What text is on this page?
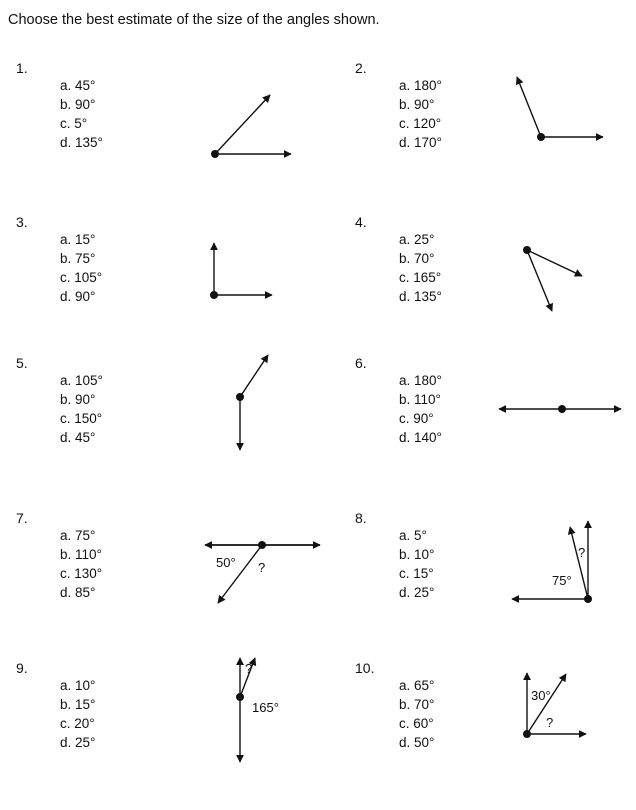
Choose the best estimate of the size of the angles shown.
1.
a. 45°
b. 90°
c. 5°
d. 135°
2.
a. 180°
b. 90°
c. 120°
d. 170°
3.
a. 15°
b. 75°
c. 105°
d. 90°
4.
a. 25°
b. 70°
c. 165°
d. 135°
5.
a. 105°
b. 90°
c. 150°
d. 45°
6.
a. 180°
b. 110°
c. 90°
d. 140°
7.
a. 75°
b. 110°
c. 130°
d. 85°
8.
a. 5°
b. 10°
c. 15°
d. 25°
9.
a. 10°
b. 15°
c. 20°
d. 25°
10.
a. 65°
b. 70°
c. 60°
d. 50°
50° ?
75°
?
165°
?
30°
?
